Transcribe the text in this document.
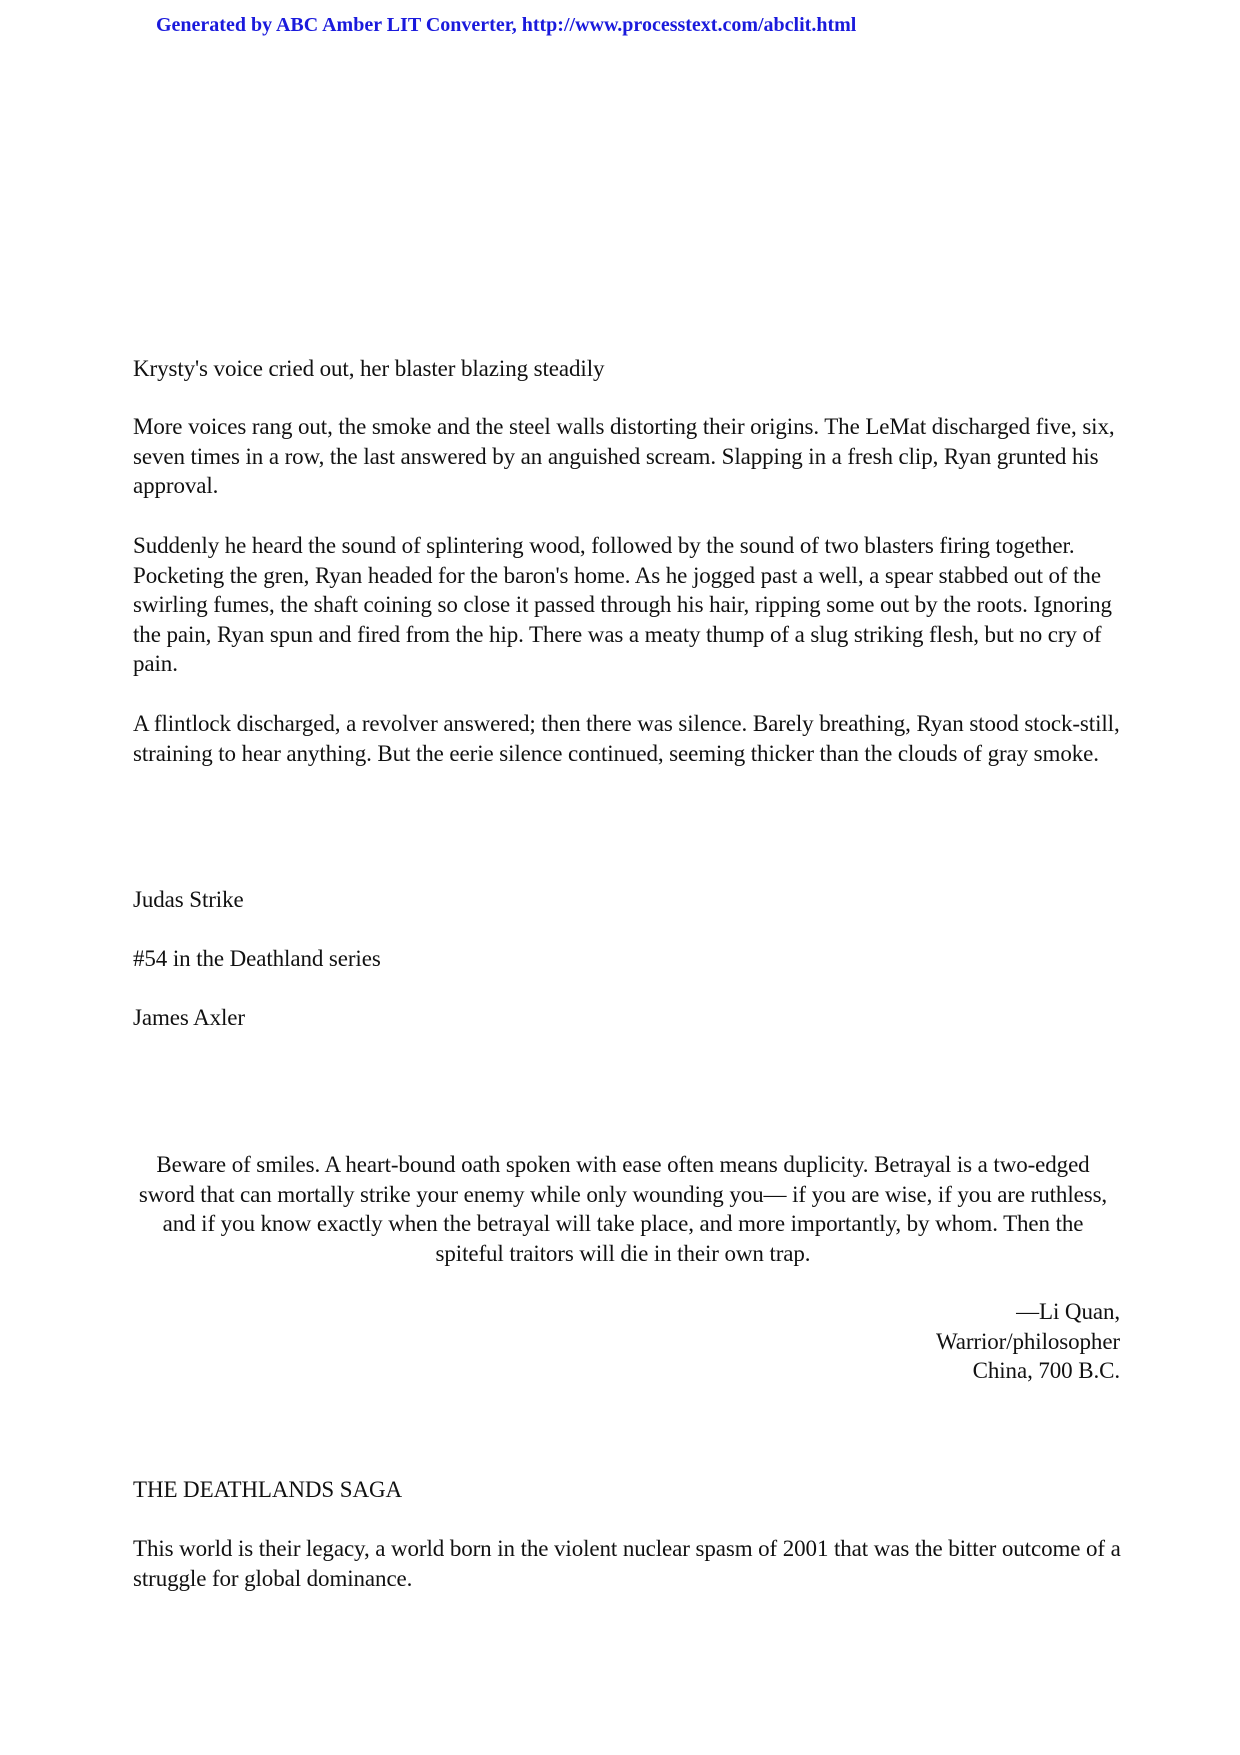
Generated by ABC Amber LIT Converter, http://www.processtext.com/abclit.html

Krysty's voice cried out, her blaster blazing steadily

More voices rang out, the smoke and the steel walls distorting their origins. The LeMat discharged five, six, seven times in a row, the last answered by an anguished scream. Slapping in a fresh clip, Ryan grunted his approval.

Suddenly he heard the sound of splintering wood, followed by the sound of two blasters firing together. Pocketing the gren, Ryan headed for the baron's home. As he jogged past a well, a spear stabbed out of the swirling fumes, the shaft coining so close it passed through his hair, ripping some out by the roots. Ignoring the pain, Ryan spun and fired from the hip. There was a meaty thump of a slug striking flesh, but no cry of pain.

A flintlock discharged, a revolver answered; then there was silence. Barely breathing, Ryan stood stock-still, straining to hear anything. But the eerie silence continued, seeming thicker than the clouds of gray smoke.

Judas Strike

#54 in the Deathland series

James Axler

Beware of smiles. A heart-bound oath spoken with ease often means duplicity. Betrayal is a two-edged sword that can mortally strike your enemy while only wounding you— if you are wise, if you are ruthless, and if you know exactly when the betrayal will take place, and more importantly, by whom. Then the spiteful traitors will die in their own trap.

—Li Quan,

Warrior/philosopher

China, 700 B.C.

THE DEATHLANDS SAGA

This world is their legacy, a world born in the violent nuclear spasm of 2001 that was the bitter outcome of a struggle for global dominance.
